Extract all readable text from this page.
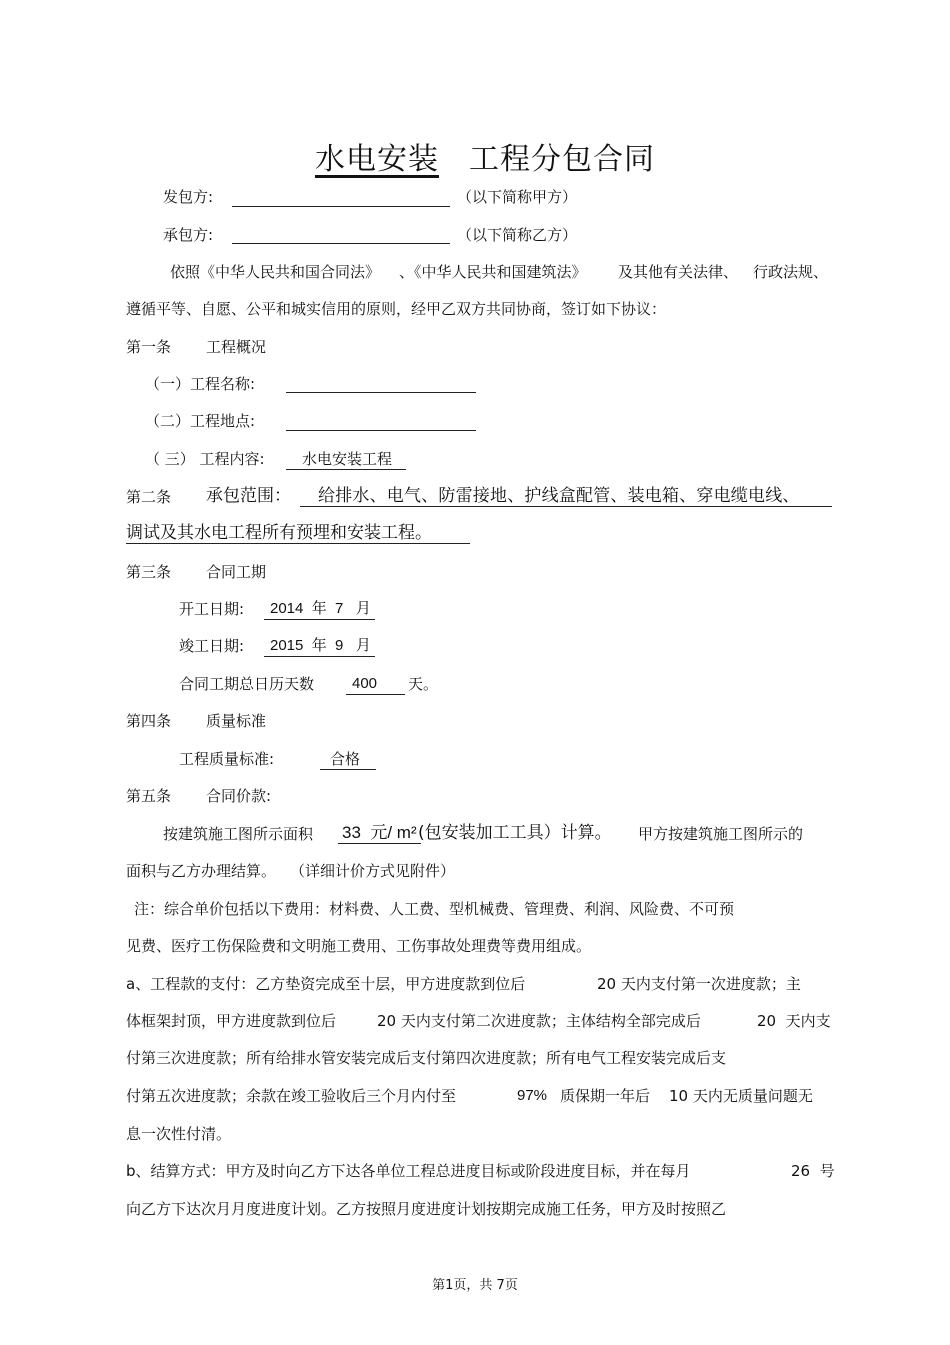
水电安装 工程分包合同
发包方:	（以下简称甲方）
承包方:	（以下简称乙方）
依照《中华人民共和国合同法》 、《中华人民共和国建筑法》 及其他有关法律、 行政法规、
遵循平等、自愿、公平和城实信用的原则，经甲乙双方共同协商，签订如下协议：
第一条 工程概况
（一）工程名称:
（二）工程地点:
（ 三） 工程内容:	水电安装工程
第二条 承包范围：	给排水、电气、防雷接地、护线盒配管、装电箱、穿电缆电线、
调试及其水电工程所有预埋和安装工程。
第三条 合同工期
开工日期:	2014  年  7   月
竣工日期:	2015  年  9   月
合同工期总日历天数	400	天。
第四条 质量标准
工程质量标准:	合格
第五条 合同价款:
按建筑施工图所示面积 33  元/ m² (包安装加工工具）计算。 甲方按建筑施工图所示的
面积与乙方办理结算。 （详细计价方式见附件）
注：综合单价包括以下费用：材料费、人工费、型机械费、管理费、利润、风险费、不可预
见费、医疗工伤保险费和文明施工费用、工伤事故处理费等费用组成。
a、工程款的支付：乙方垫资完成至十层，甲方进度款到位后	20 天内支付第一次进度款；主
体框架封顶，甲方进度款到位后	20 天内支付第二次进度款；主体结构全部完成后	20  天内支
付第三次进度款；所有给排水管安装完成后支付第四次进度款；所有电气工程安装完成后支
付第五次进度款；余款在竣工验收后三个月内付至	97% 质保期一年后 10 天内无质量问题无
息一次性付清。
b、结算方式：甲方及时向乙方下达各单位工程总进度目标或阶段进度目标，并在每月	26  号
向乙方下达次月月度进度计划。乙方按照月度进度计划按期完成施工任务，甲方及时按照乙
第1页，共 7页
